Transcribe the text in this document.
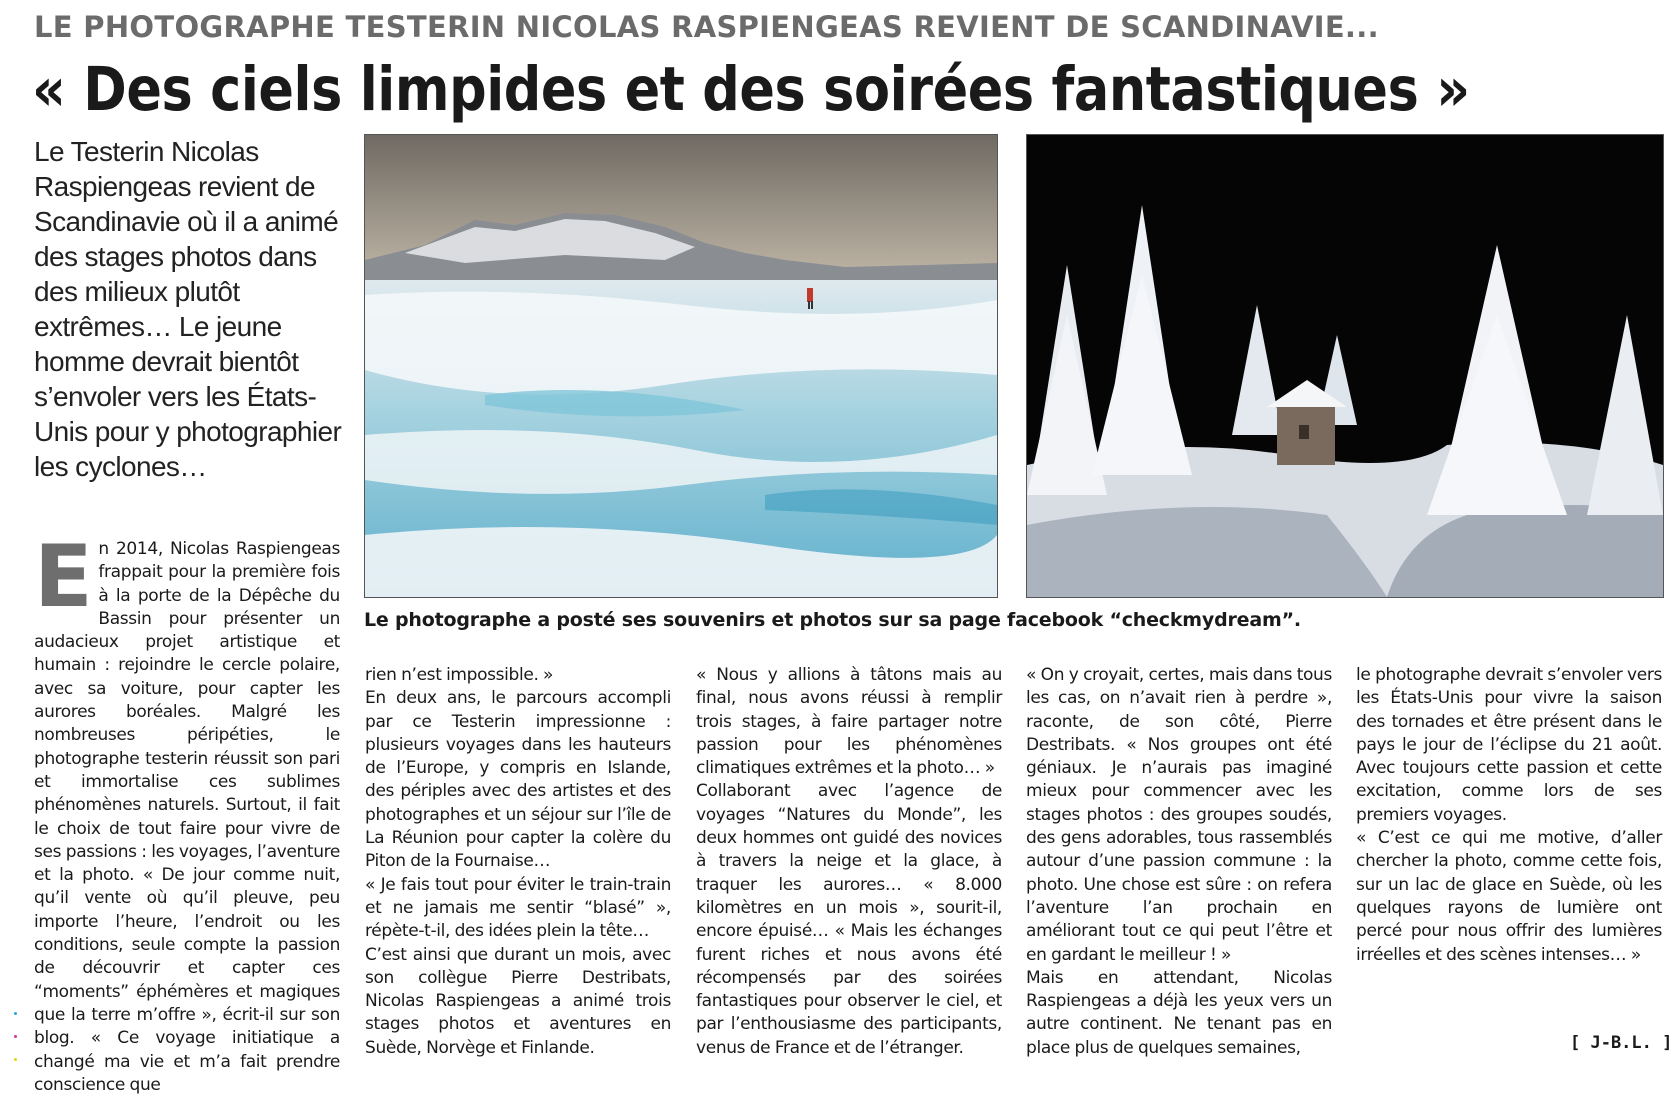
LE PHOTOGRAPHE TESTERIN NICOLAS RASPIENGEAS REVIENT DE SCANDINAVIE...
« Des ciels limpides et des soirées fantastiques »
Le Testerin Nicolas Raspiengeas revient de Scandinavie où il a animé des stages photos dans des milieux plutôt extrêmes… Le jeune homme devrait bientôt s’envoler vers les États-Unis pour y photographier les cyclones…
Le photographe a posté ses souvenirs et photos sur sa page facebook “checkmydream”.
E n 2014, Nicolas Raspiengeas frappait pour la première fois à la porte de la Dépêche du Bassin pour présenter un audacieux projet artistique et humain : rejoindre le cercle polaire, avec sa voiture, pour capter les aurores boréales. Malgré les nombreuses péripéties, le photographe testerin réussit son pari et immortalise ces sublimes phénomènes naturels. Surtout, il fait le choix de tout faire pour vivre de ses passions : les voyages, l’aventure et la photo. « De jour comme nuit, qu’il vente où qu’il pleuve, peu importe l’heure, l’endroit ou les conditions, seule compte la passion de découvrir et capter ces “moments” éphémères et magiques que la terre m’offre », écrit-il sur son blog. « Ce voyage initiatique a changé ma vie et m’a fait prendre conscience que

rien n’est impossible. »

En deux ans, le parcours accompli par ce Testerin impressionne : plusieurs voyages dans les hauteurs de l’Europe, y compris en Islande, des périples avec des artistes et des photographes et un séjour sur l’île de La Réunion pour capter la colère du Piton de la Fournaise…

« Je fais tout pour éviter le train-train et ne jamais me sentir “blasé” », répète-t-il, des idées plein la tête…

C’est ainsi que durant un mois, avec son collègue Pierre Destribats, Nicolas Raspiengeas a animé trois stages photos et aventures en Suède, Norvège et Finlande.

« Nous y allions à tâtons mais au final, nous avons réussi à remplir trois stages, à faire partager notre passion pour les phénomènes climatiques extrêmes et la photo… »

Collaborant avec l’agence de voyages “Natures du Monde”, les deux hommes ont guidé des novices à travers la neige et la glace, à traquer les aurores… « 8.000 kilomètres en un mois », sourit-il, encore épuisé… « Mais les échanges furent riches et nous avons été récompensés par des soirées fantastiques pour observer le ciel, et par l’enthousiasme des participants, venus de France et de l’étranger.

« On y croyait, certes, mais dans tous les cas, on n’avait rien à perdre », raconte, de son côté, Pierre Destribats. « Nos groupes ont été géniaux. Je n’aurais pas imaginé mieux pour commencer avec les stages photos : des groupes soudés, des gens adorables, tous rassemblés autour d’une passion commune : la photo. Une chose est sûre : on refera l’aventure l’an prochain en améliorant tout ce qui peut l’être et en gardant le meilleur ! »

Mais en attendant, Nicolas Raspiengeas a déjà les yeux vers un autre continent. Ne tenant pas en place plus de quelques semaines,

le photographe devrait s’envoler vers les États-Unis pour vivre la saison des tornades et être présent dans le pays le jour de l’éclipse du 21 août. Avec toujours cette passion et cette excitation, comme lors de ses premiers voyages.

« C’est ce qui me motive, d’aller chercher la photo, comme cette fois, sur un lac de glace en Suède, où les quelques rayons de lumière ont percé pour nous offrir des lumières irréelles et des scènes intenses… »

[ J-B.L. ]
